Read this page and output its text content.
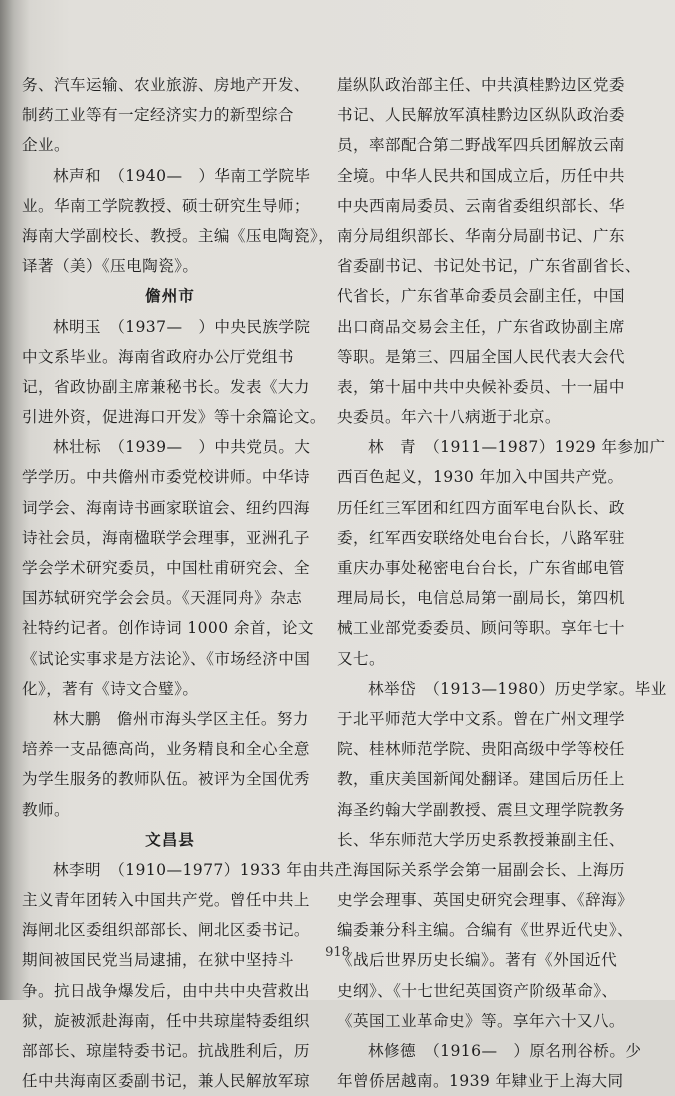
务、汽车运输、农业旅游、房地产开发、
制药工业等有一定经济实力的新型综合
企业。
林声和　（1940—　）华南工学院毕
业。华南工学院教授、硕士研究生导师；
海南大学副校长、教授。主编《压电陶瓷》，
译著（美）《压电陶瓷》。
儋州市
林明玉　（1937—　）中央民族学院
中文系毕业。海南省政府办公厅党组书
记，省政协副主席兼秘书长。发表《大力
引进外资，促进海口开发》等十余篇论文。
林壮标　（1939—　）中共党员。大
学学历。中共儋州市委党校讲师。中华诗
词学会、海南诗书画家联谊会、纽约四海
诗社会员，海南楹联学会理事，亚洲孔子
学会学术研究委员，中国杜甫研究会、全
国苏轼研究学会会员。《天涯同舟》杂志
社特约记者。创作诗词 1000 余首，论文
《试论实事求是方法论》、《市场经济中国
化》，著有《诗文合璧》。
林大鹏　儋州市海头学区主任。努力
培养一支品德高尚，业务精良和全心全意
为学生服务的教师队伍。被评为全国优秀
教师。
文昌县
林李明　（1910—1977）1933 年由共产
主义青年团转入中国共产党。曾任中共上
海闸北区委组织部部长、闸北区委书记。
期间被国民党当局逮捕，在狱中坚持斗
争。抗日战争爆发后，由中共中央营救出
狱，旋被派赴海南，任中共琼崖特委组织
部部长、琼崖特委书记。抗战胜利后，历
任中共海南区委副书记，兼人民解放军琼
崖纵队政治部主任、中共滇桂黔边区党委
书记、人民解放军滇桂黔边区纵队政治委
员，率部配合第二野战军四兵团解放云南
全境。中华人民共和国成立后，历任中共
中央西南局委员、云南省委组织部长、华
南分局组织部长、华南分局副书记、广东
省委副书记、书记处书记，广东省副省长、
代省长，广东省革命委员会副主任，中国
出口商品交易会主任，广东省政协副主席
等职。是第三、四届全国人民代表大会代
表，第十届中共中央候补委员、十一届中
央委员。年六十八病逝于北京。
林　青　（1911—1987）1929 年参加广
西百色起义，1930 年加入中国共产党。
历任红三军团和红四方面军电台队长、政
委，红军西安联络处电台台长，八路军驻
重庆办事处秘密电台台长，广东省邮电管
理局局长，电信总局第一副局长，第四机
械工业部党委委员、顾问等职。享年七十
又七。
林举岱　（1913—1980）历史学家。毕业
于北平师范大学中文系。曾在广州文理学
院、桂林师范学院、贵阳高级中学等校任
教，重庆美国新闻处翻译。建国后历任上
海圣约翰大学副教授、震旦文理学院教务
长、华东师范大学历史系教授兼副主任、
上海国际关系学会第一届副会长、上海历
史学会理事、英国史研究会理事、《辞海》
编委兼分科主编。合编有《世界近代史》、
《战后世界历史长编》。著有《外国近代
史纲》、《十七世纪英国资产阶级革命》、
《英国工业革命史》等。享年六十又八。
林修德　（1916—　）原名刑谷桥。少
年曾侨居越南。1939 年肄业于上海大同
918
